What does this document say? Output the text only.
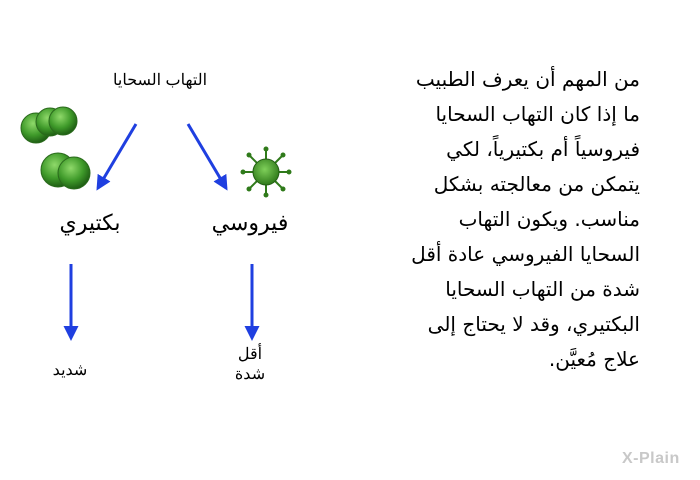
التهاب السحايا
بكتيري	فيروسي
شديد
أقل
شدة
من المهم أن يعرف الطبيب
ما إذا كان التهاب السحايا
فيروسياً أم بكتيرياً، لكي
يتمكن من معالجته بشكل
مناسب. ويكون التهاب
السحايا الفيروسي عادة أقل
شدة من التهاب السحايا
البكتيري، وقد لا يحتاج إلى
علاج مُعيَّن.
X-Plain
